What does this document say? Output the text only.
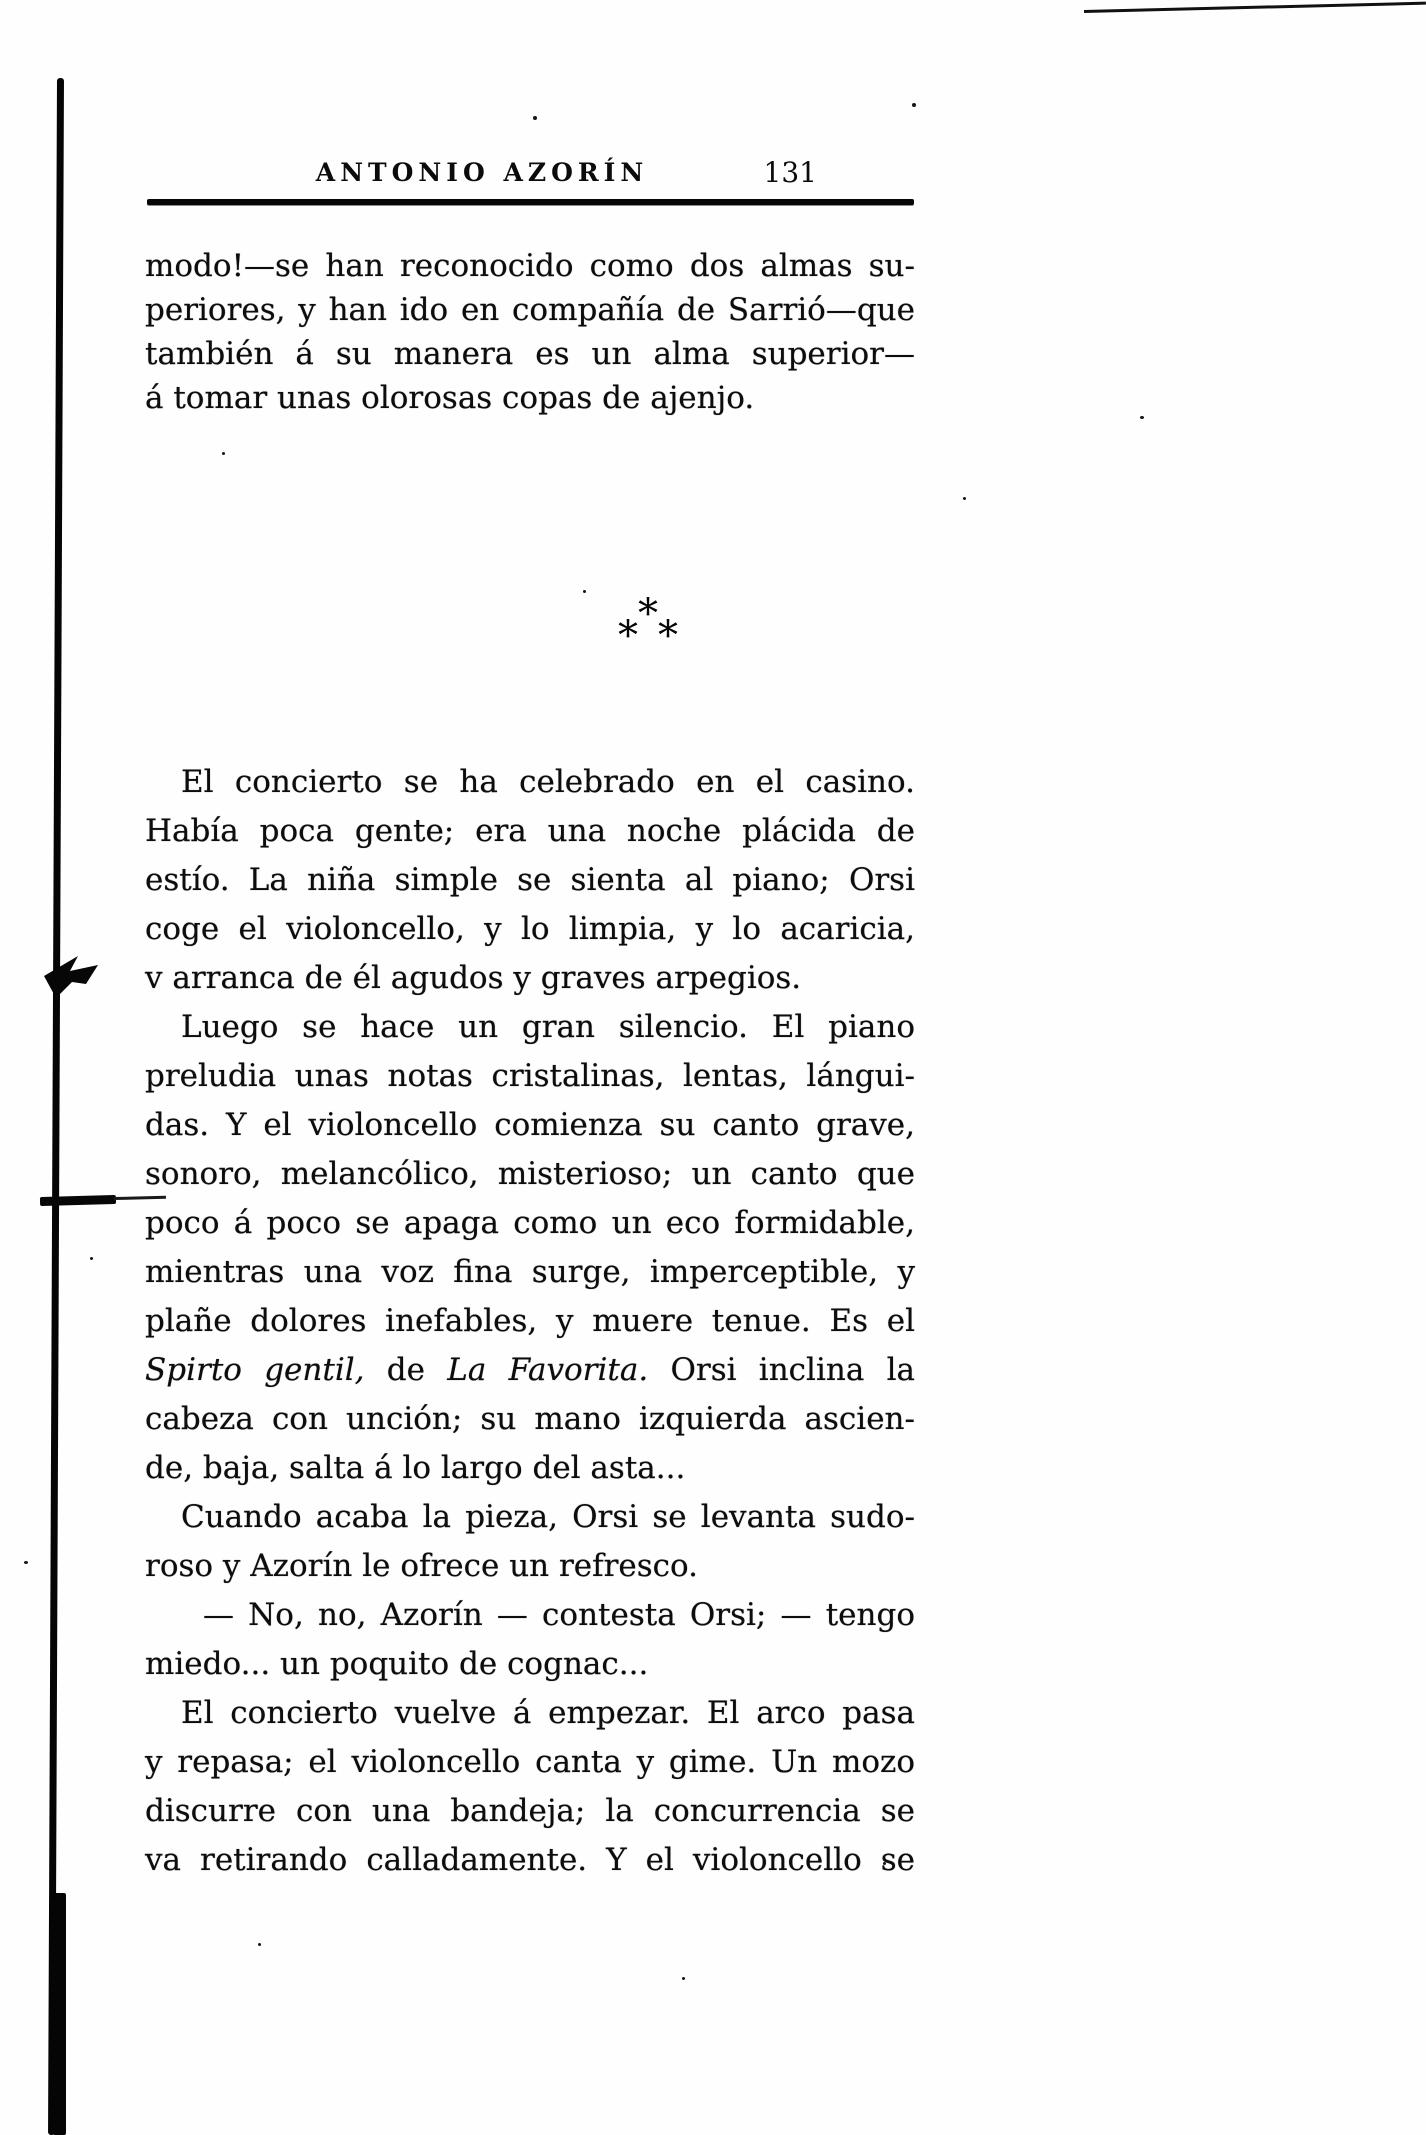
ANTONIO AZORÍN	131
modo!—se han reconocido como dos almas su-
periores, y han ido en compañía de Sarrió—que
también á su manera es un alma superior—
á tomar unas olorosas copas de ajenjo.
*
* *
El concierto se ha celebrado en el casino.
Había poca gente; era una noche plácida de
estío. La niña simple se sienta al piano; Orsi
coge el violoncello, y lo limpia, y lo acaricia,
v arranca de él agudos y graves arpegios.
Luego se hace un gran silencio. El piano
preludia unas notas cristalinas, lentas, lángui-
das. Y el violoncello comienza su canto grave,
sonoro, melancólico, misterioso; un canto que
poco á poco se apaga como un eco formidable,
mientras una voz fina surge, imperceptible, y
plañe dolores inefables, y muere tenue. Es el
Spirto gentil, de La Favorita. Orsi inclina la
cabeza con unción; su mano izquierda ascien-
de, baja, salta á lo largo del asta...
Cuando acaba la pieza, Orsi se levanta sudo-
roso y Azorín le ofrece un refresco.
— No, no, Azorín — contesta Orsi; — tengo
miedo... un poquito de cognac...
El concierto vuelve á empezar. El arco pasa
y repasa; el violoncello canta y gime. Un mozo
discurre con una bandeja; la concurrencia se
va retirando calladamente. Y el violoncello se
